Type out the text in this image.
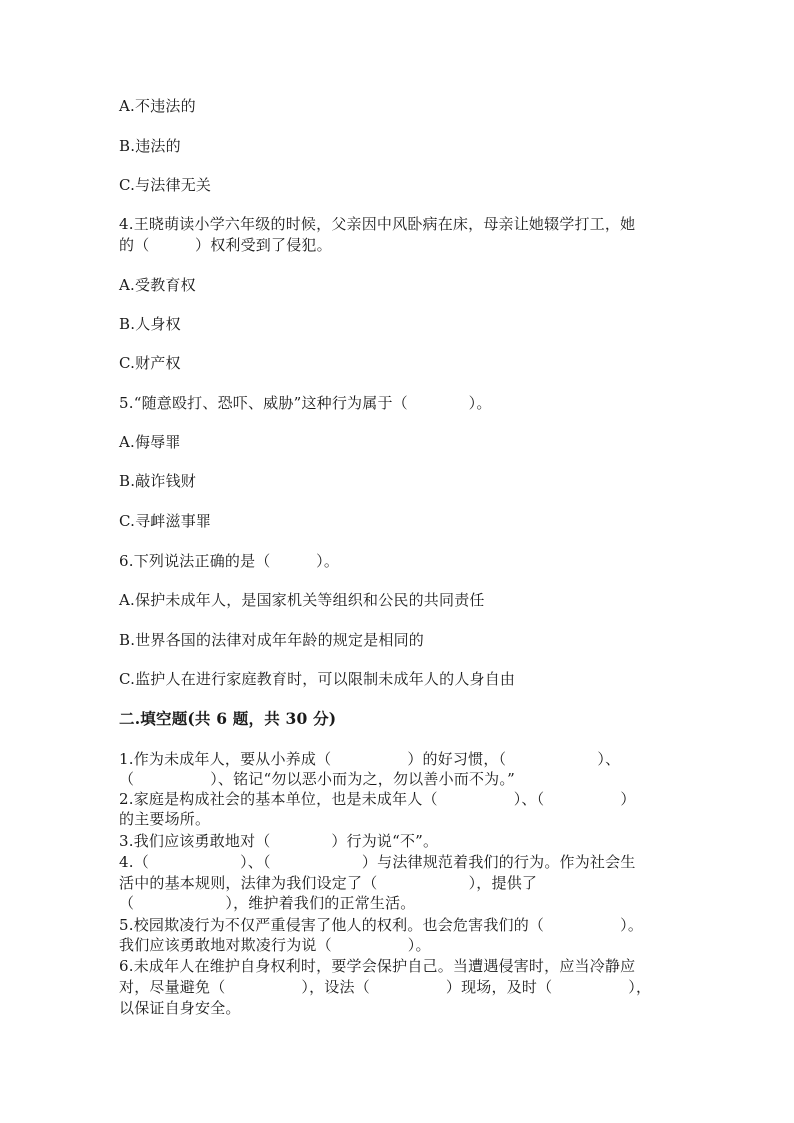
A.不违法的
B.违法的
C.与法律无关
4.王晓萌读小学六年级的时候，父亲因中风卧病在床，母亲让她辍学打工，她
的（　　　）权利受到了侵犯。
A.受教育权
B.人身权
C.财产权
5.“随意殴打、恐吓、威胁”这种行为属于（　　　　）。
A.侮辱罪
B.敲诈钱财
C.寻衅滋事罪
6.下列说法正确的是（　　　）。
A.保护未成年人，是国家机关等组织和公民的共同责任
B.世界各国的法律对成年年龄的规定是相同的
C.监护人在进行家庭教育时，可以限制未成年人的人身自由
二.填空题(共 6 题，共 30 分)
1.作为未成年人，要从小养成（　　　　　）的好习惯，（　　　　　　）、
（　　　　　）、铭记“勿以恶小而为之，勿以善小而不为。”
2.家庭是构成社会的基本单位，也是未成年人（　　　　　）、（　　　　　）
的主要场所。
3.我们应该勇敢地对（　　　　）行为说“不”。
4.（　　　　　　）、（　　　　　　）与法律规范着我们的行为。作为社会生
活中的基本规则，法律为我们设定了（　　　　　　），提供了
（　　　　　　），维护着我们的正常生活。
5.校园欺凌行为不仅严重侵害了他人的权利。也会危害我们的（　　　　　）。
我们应该勇敢地对欺凌行为说（　　　　　）。
6.未成年人在维护自身权利时，要学会保护自己。当遭遇侵害时，应当冷静应
对，尽量避免（　　　　　），设法（　　　　　）现场，及时（　　　　　），
以保证自身安全。
